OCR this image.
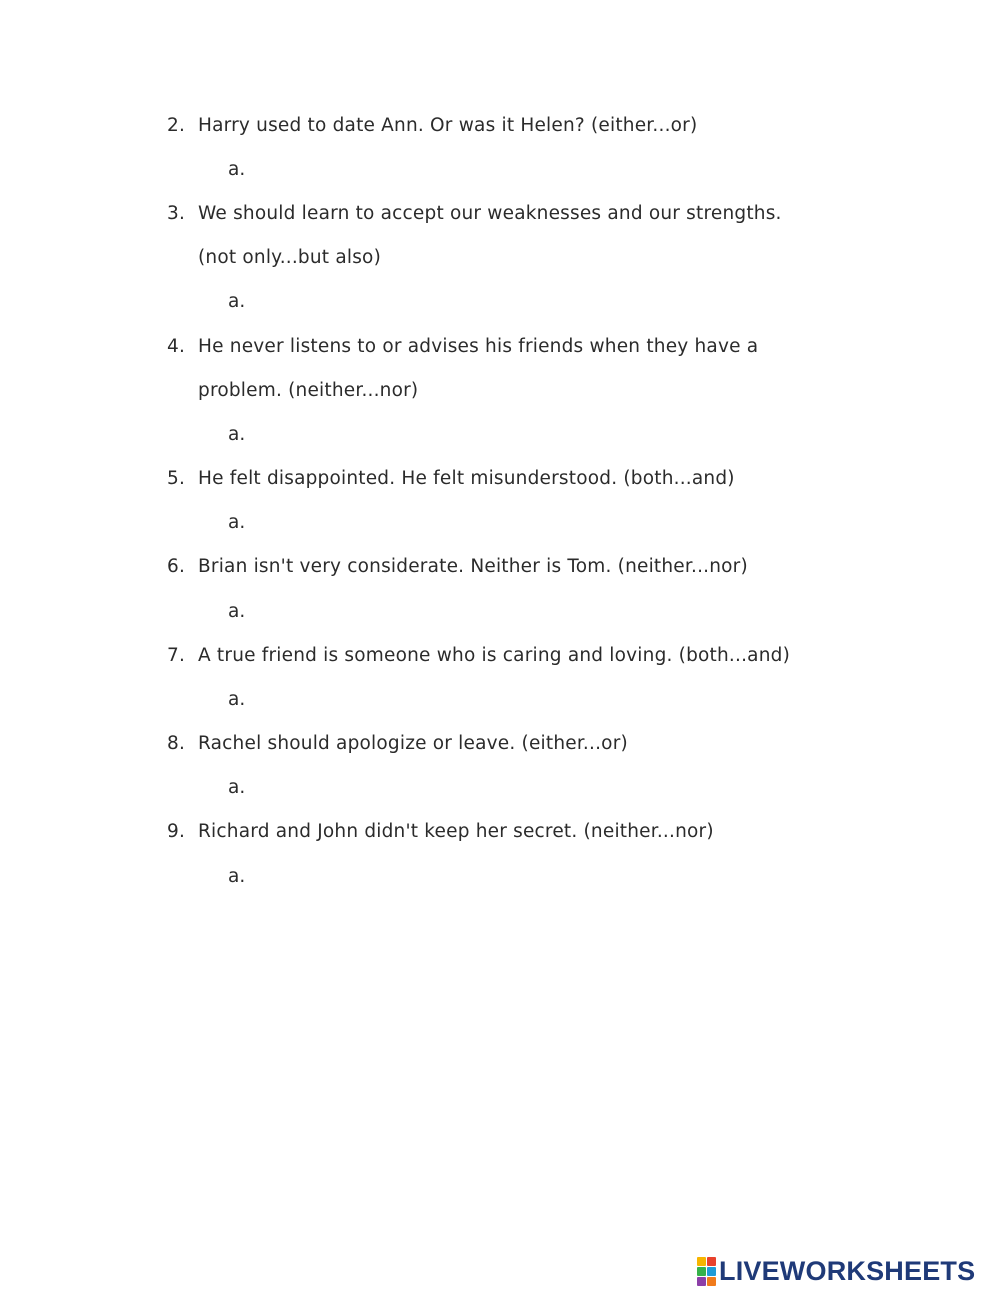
2. Harry used to date Ann. Or was it Helen? (either...or)
a.
3. We should learn to accept our weaknesses and our strengths.
(not only...but also)
a.
4. He never listens to or advises his friends when they have a
problem. (neither...nor)
a.
5. He felt disappointed. He felt misunderstood. (both...and)
a.
6. Brian isn't very considerate. Neither is Tom. (neither...nor)
a.
7. A true friend is someone who is caring and loving. (both...and)
a.
8. Rachel should apologize or leave. (either...or)
a.
9. Richard and John didn't keep her secret. (neither...nor)
a.
LIVEWORKSHEETS
